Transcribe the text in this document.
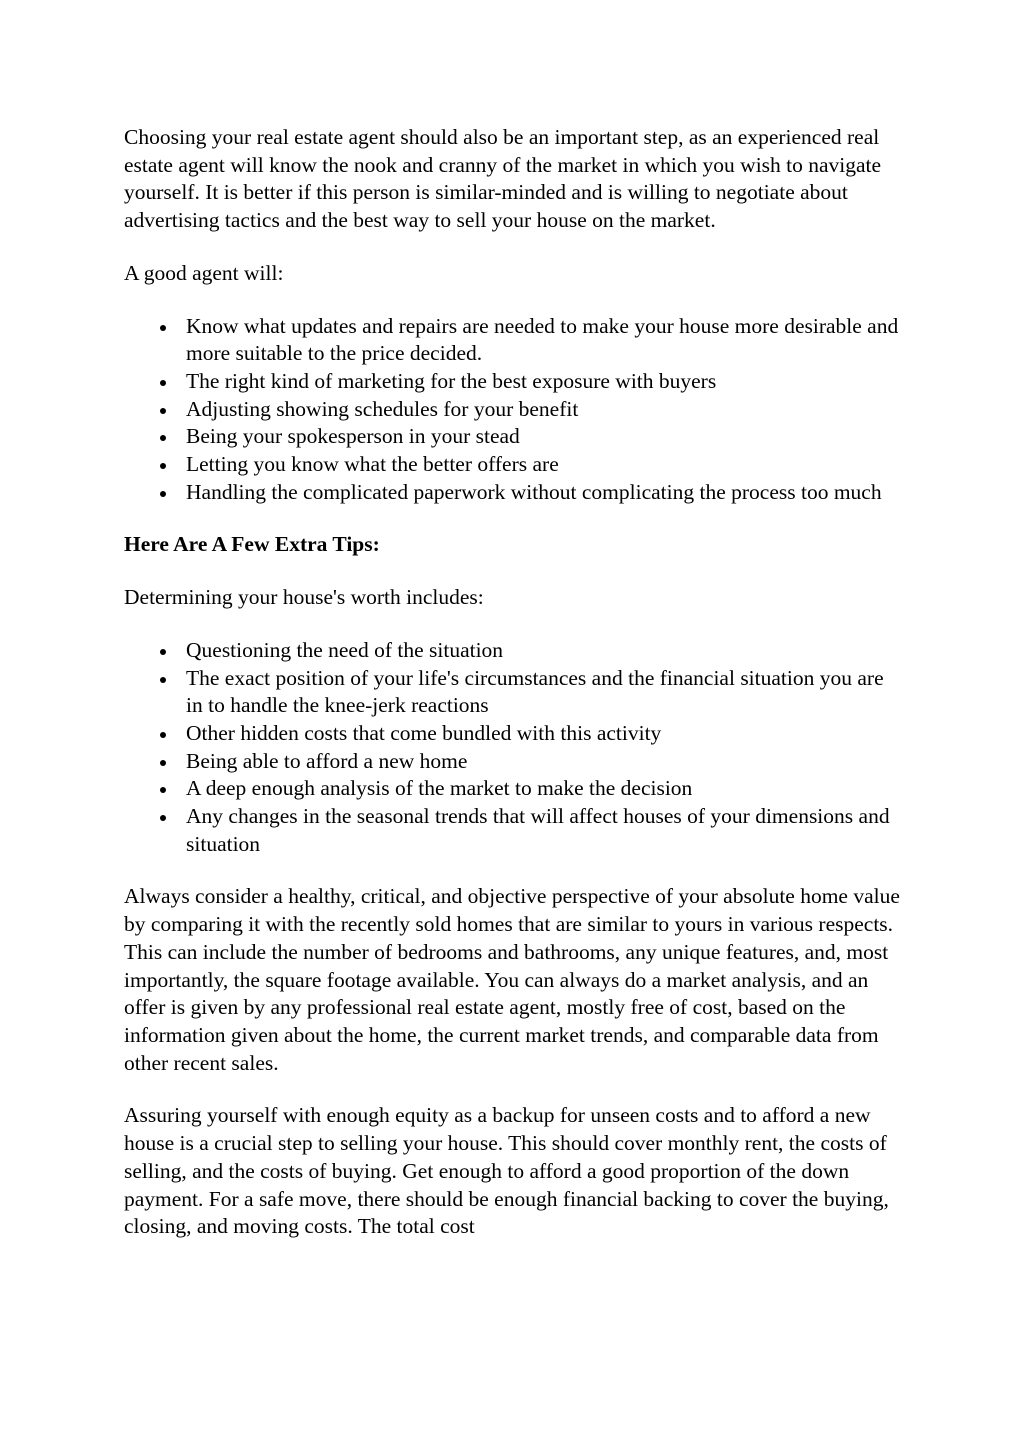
Choosing your real estate agent should also be an important step, as an experienced real estate agent will know the nook and cranny of the market in which you wish to navigate yourself. It is better if this person is similar-minded and is willing to negotiate about advertising tactics and the best way to sell your house on the market.

A good agent will:

Know what updates and repairs are needed to make your house more desirable and more suitable to the price decided.
The right kind of marketing for the best exposure with buyers
Adjusting showing schedules for your benefit
Being your spokesperson in your stead
Letting you know what the better offers are
Handling the complicated paperwork without complicating the process too much

Here Are A Few Extra Tips:

Determining your house's worth includes:

Questioning the need of the situation
The exact position of your life's circumstances and the financial situation you are in to handle the knee-jerk reactions
Other hidden costs that come bundled with this activity
Being able to afford a new home
A deep enough analysis of the market to make the decision
Any changes in the seasonal trends that will affect houses of your dimensions and situation

Always consider a healthy, critical, and objective perspective of your absolute home value by comparing it with the recently sold homes that are similar to yours in various respects. This can include the number of bedrooms and bathrooms, any unique features, and, most importantly, the square footage available. You can always do a market analysis, and an offer is given by any professional real estate agent, mostly free of cost, based on the information given about the home, the current market trends, and comparable data from other recent sales.

Assuring yourself with enough equity as a backup for unseen costs and to afford a new house is a crucial step to selling your house. This should cover monthly rent, the costs of selling, and the costs of buying. Get enough to afford a good proportion of the down payment. For a safe move, there should be enough financial backing to cover the buying, closing, and moving costs. The total cost
